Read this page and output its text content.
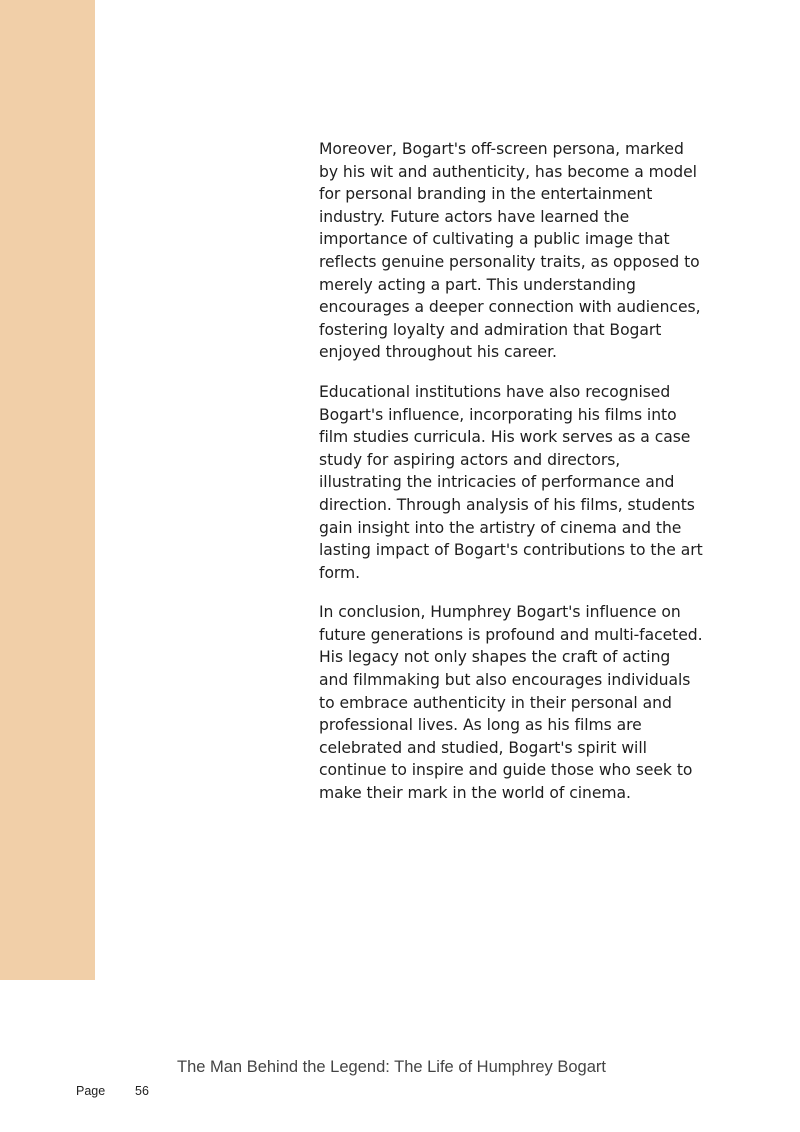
Moreover, Bogart's off-screen persona, marked by his wit and authenticity, has become a model for personal branding in the entertainment industry. Future actors have learned the importance of cultivating a public image that reflects genuine personality traits, as opposed to merely acting a part. This understanding encourages a deeper connection with audiences, fostering loyalty and admiration that Bogart enjoyed throughout his career.

Educational institutions have also recognised Bogart's influence, incorporating his films into film studies curricula. His work serves as a case study for aspiring actors and directors, illustrating the intricacies of performance and direction. Through analysis of his films, students gain insight into the artistry of cinema and the lasting impact of Bogart's contributions to the art form.

In conclusion, Humphrey Bogart's influence on future generations is profound and multi-faceted. His legacy not only shapes the craft of acting and filmmaking but also encourages individuals to embrace authenticity in their personal and professional lives. As long as his films are celebrated and studied, Bogart's spirit will continue to inspire and guide those who seek to make their mark in the world of cinema.

The Man Behind the Legend: The Life of Humphrey Bogart
Page 56
